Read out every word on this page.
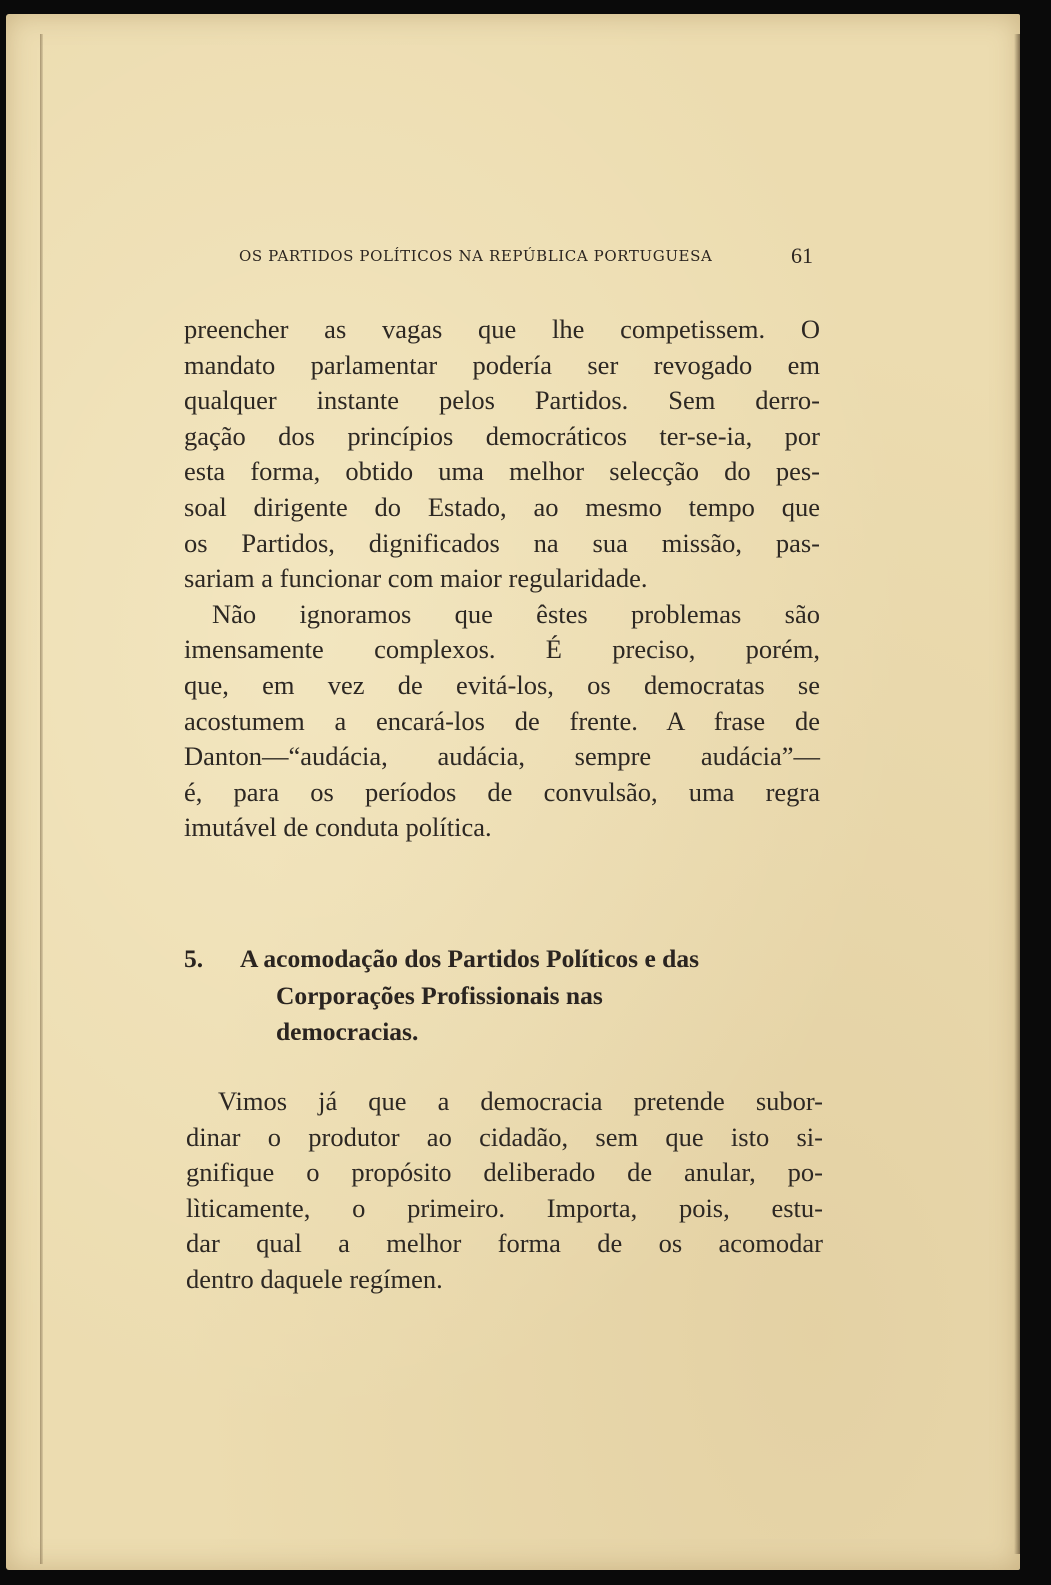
OS PARTIDOS POLÍTICOS NA REPÚBLICA PORTUGUESA	61
preencher as vagas que lhe competissem. O
mandato parlamentar podería ser revogado em
qualquer instante pelos Partidos. Sem derro-
gação dos princípios democráticos ter-se-ia, por
esta forma, obtido uma melhor selecção do pes-
soal dirigente do Estado, ao mesmo tempo que
os Partidos, dignificados na sua missão, pas-
sariam a funcionar com maior regularidade.
Não ignoramos que êstes problemas são
imensamente complexos. É preciso, porém,
que, em vez de evitá-los, os democratas se
acostumem a encará-los de frente. A frase de
Danton—“audácia, audácia, sempre audácia”—
é, para os períodos de convulsão, uma regra
imutável de conduta política.
5.	A acomodação dos Partidos Políticos e das
Corporações Profissionais nas
democracias.
Vimos já que a democracia pretende subor-
dinar o produtor ao cidadão, sem que isto si-
gnifique o propósito deliberado de anular, po-
lìticamente, o primeiro. Importa, pois, estu-
dar qual a melhor forma de os acomodar
dentro daquele regímen.
